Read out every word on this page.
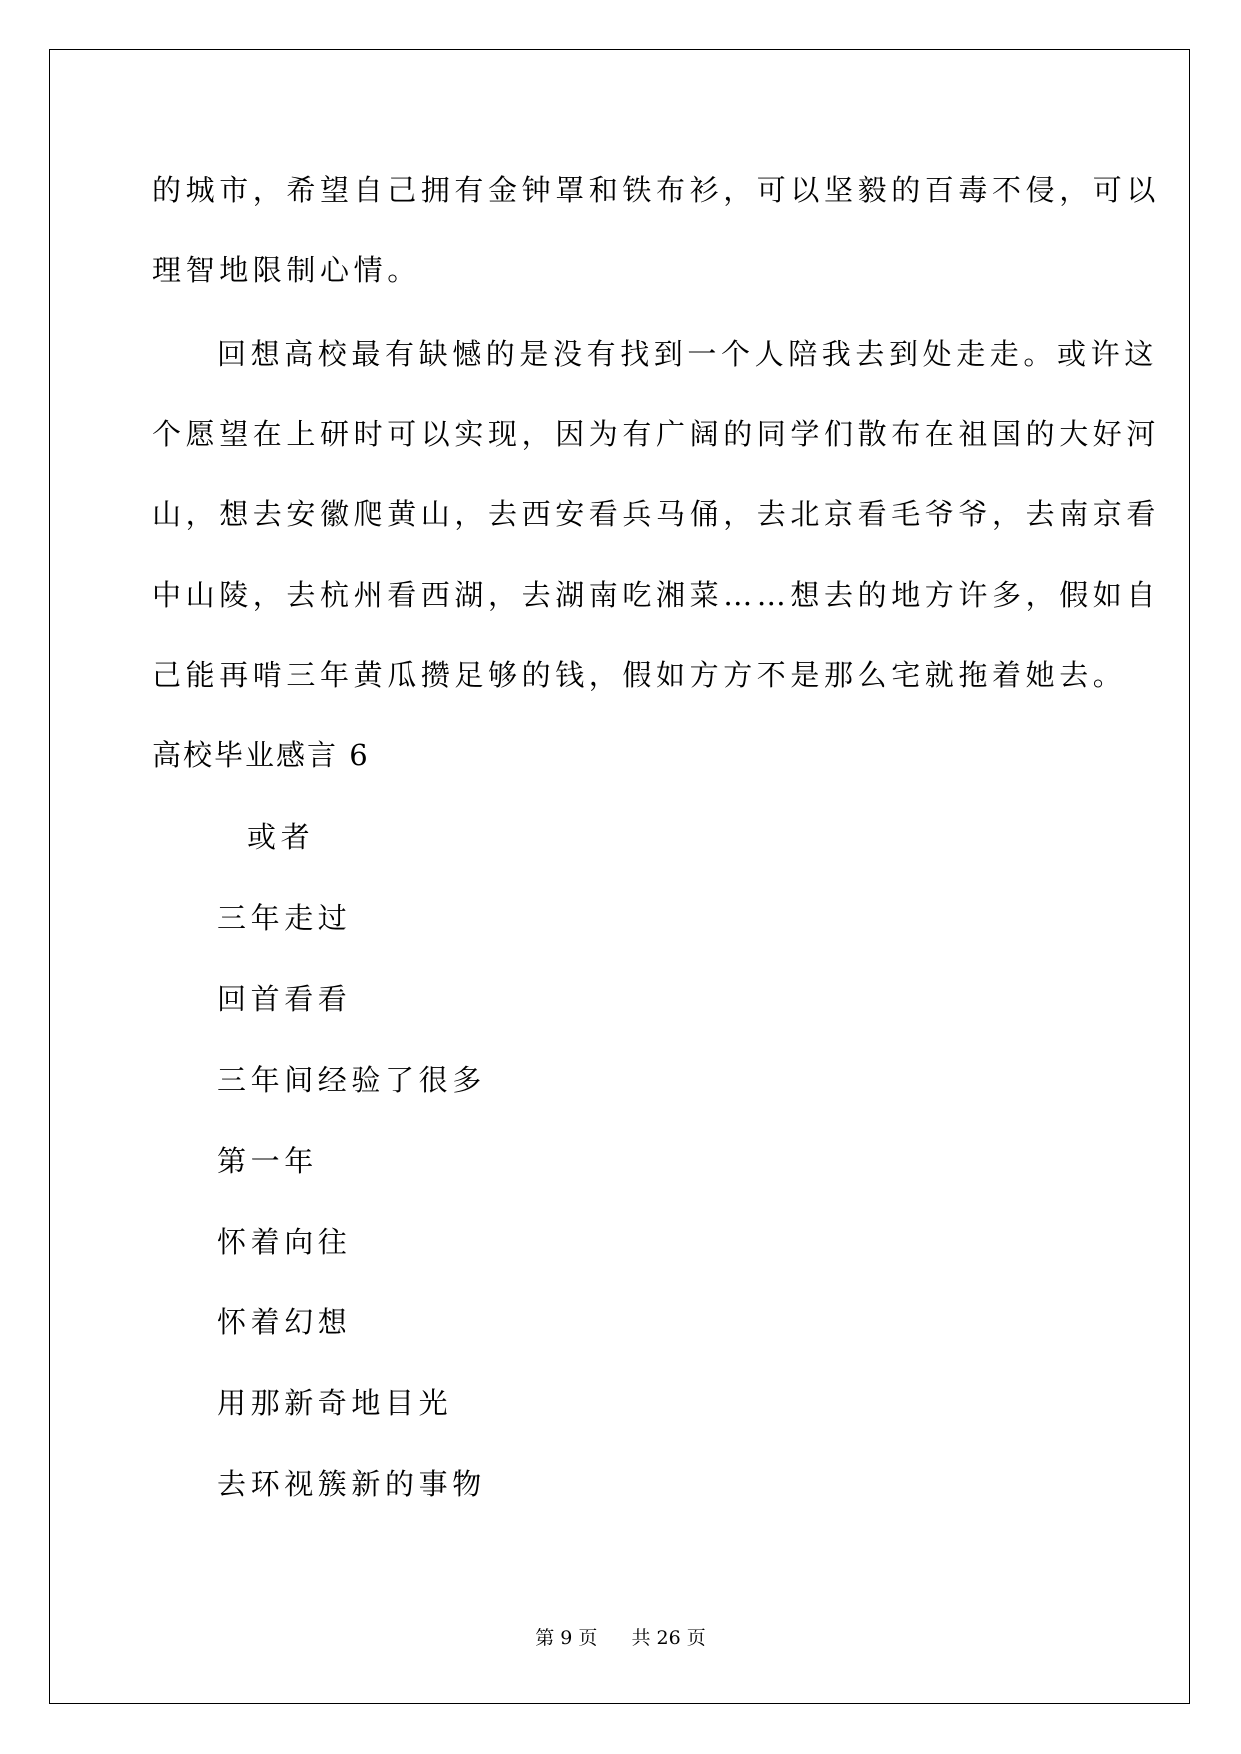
的城市，希望自己拥有金钟罩和铁布衫，可以坚毅的百毒不侵，可以
理智地限制心情。
回想高校最有缺憾的是没有找到一个人陪我去到处走走。或许这
个愿望在上研时可以实现，因为有广阔的同学们散布在祖国的大好河
山，想去安徽爬黄山，去西安看兵马俑，去北京看毛爷爷，去南京看
中山陵，去杭州看西湖，去湖南吃湘菜……想去的地方许多，假如自
己能再啃三年黄瓜攒足够的钱，假如方方不是那么宅就拖着她去。
高校毕业感言 6
或者
三年走过
回首看看
三年间经验了很多
第一年
怀着向往
怀着幻想
用那新奇地目光
去环视簇新的事物
第 9 页 共 26 页
